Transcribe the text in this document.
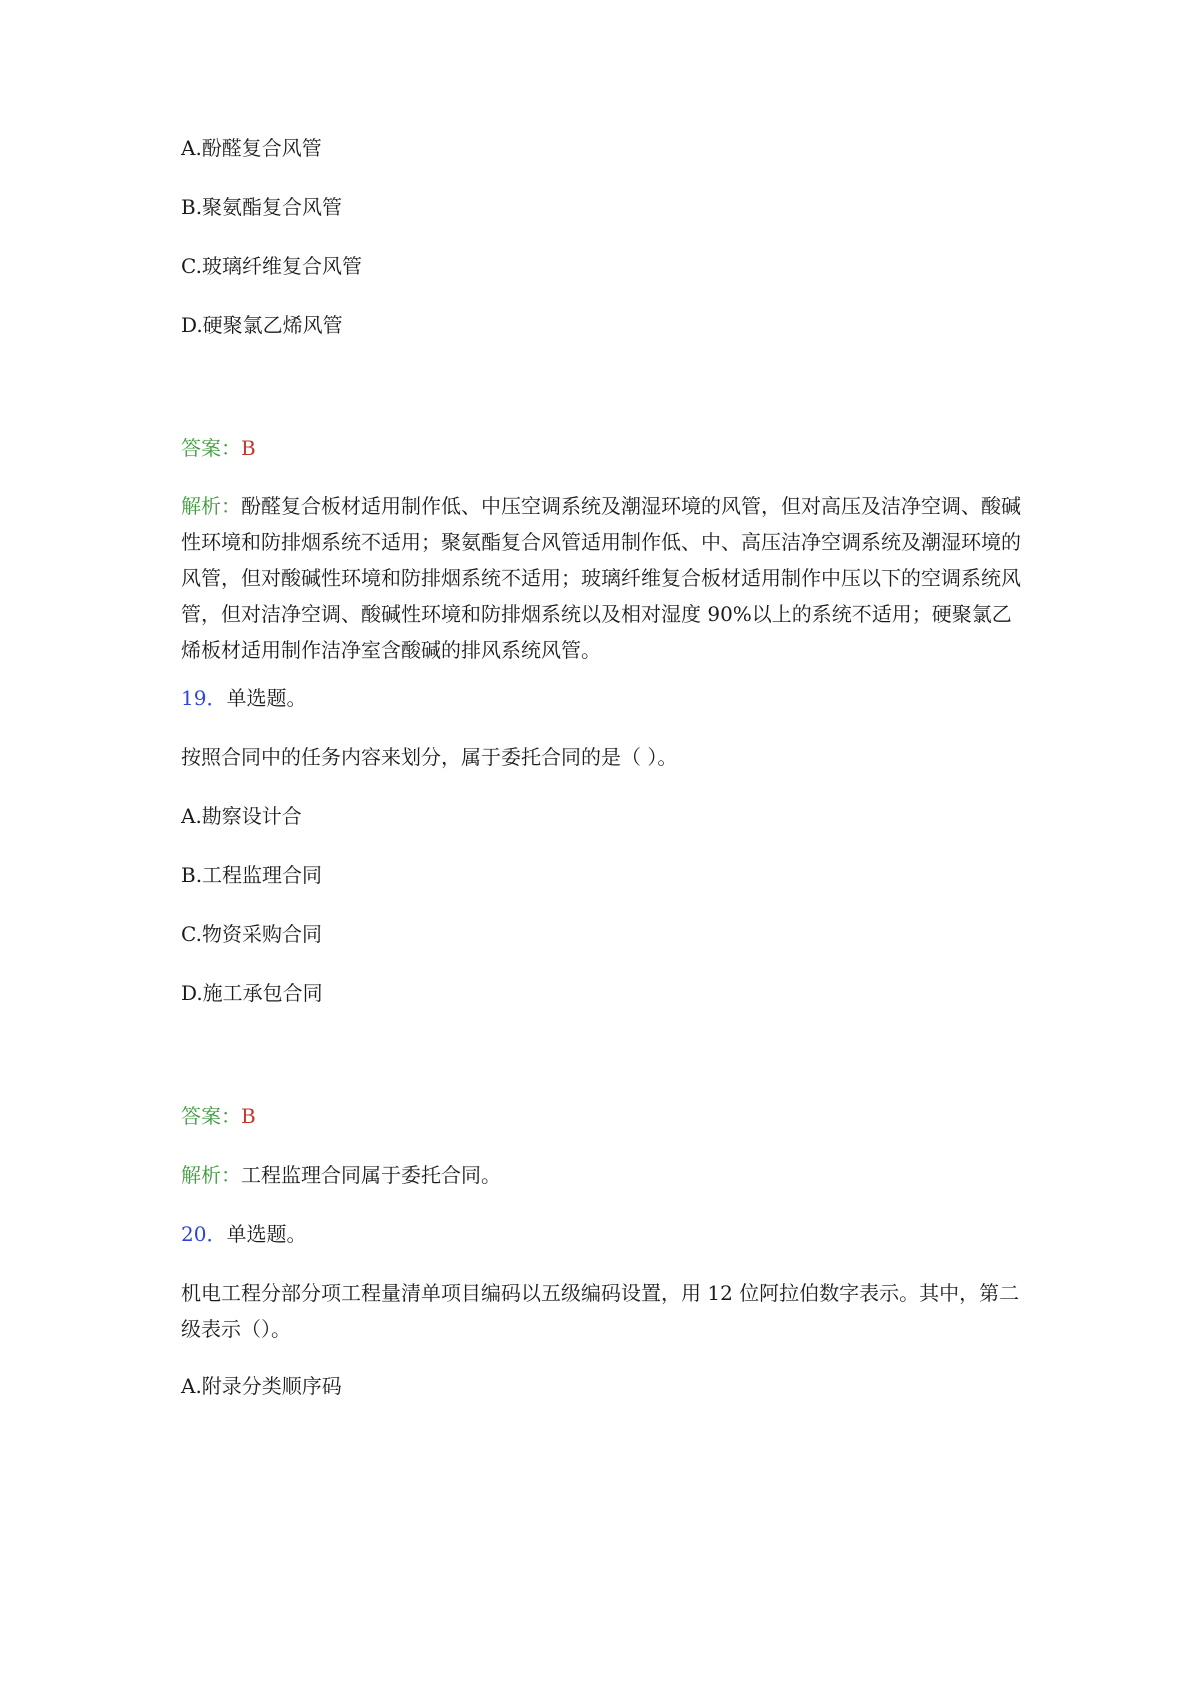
A.酚醛复合风管
B.聚氨酯复合风管
C.玻璃纤维复合风管
D.硬聚氯乙烯风管
答案：B
解析：酚醛复合板材适用制作低、中压空调系统及潮湿环境的风管，但对高压及洁净空调、酸碱性环境和防排烟系统不适用；聚氨酯复合风管适用制作低、中、高压洁净空调系统及潮湿环境的风管，但对酸碱性环境和防排烟系统不适用；玻璃纤维复合板材适用制作中压以下的空调系统风管，但对洁净空调、酸碱性环境和防排烟系统以及相对湿度 90%以上的系统不适用；硬聚氯乙烯板材适用制作洁净室含酸碱的排风系统风管。
19．单选题。
按照合同中的任务内容来划分，属于委托合同的是（ ）。
A.勘察设计合
B.工程监理合同
C.物资采购合同
D.施工承包合同
答案：B
解析：工程监理合同属于委托合同。
20．单选题。
机电工程分部分项工程量清单项目编码以五级编码设置，用 12 位阿拉伯数字表示。其中，第二级表示（）。
A.附录分类顺序码
